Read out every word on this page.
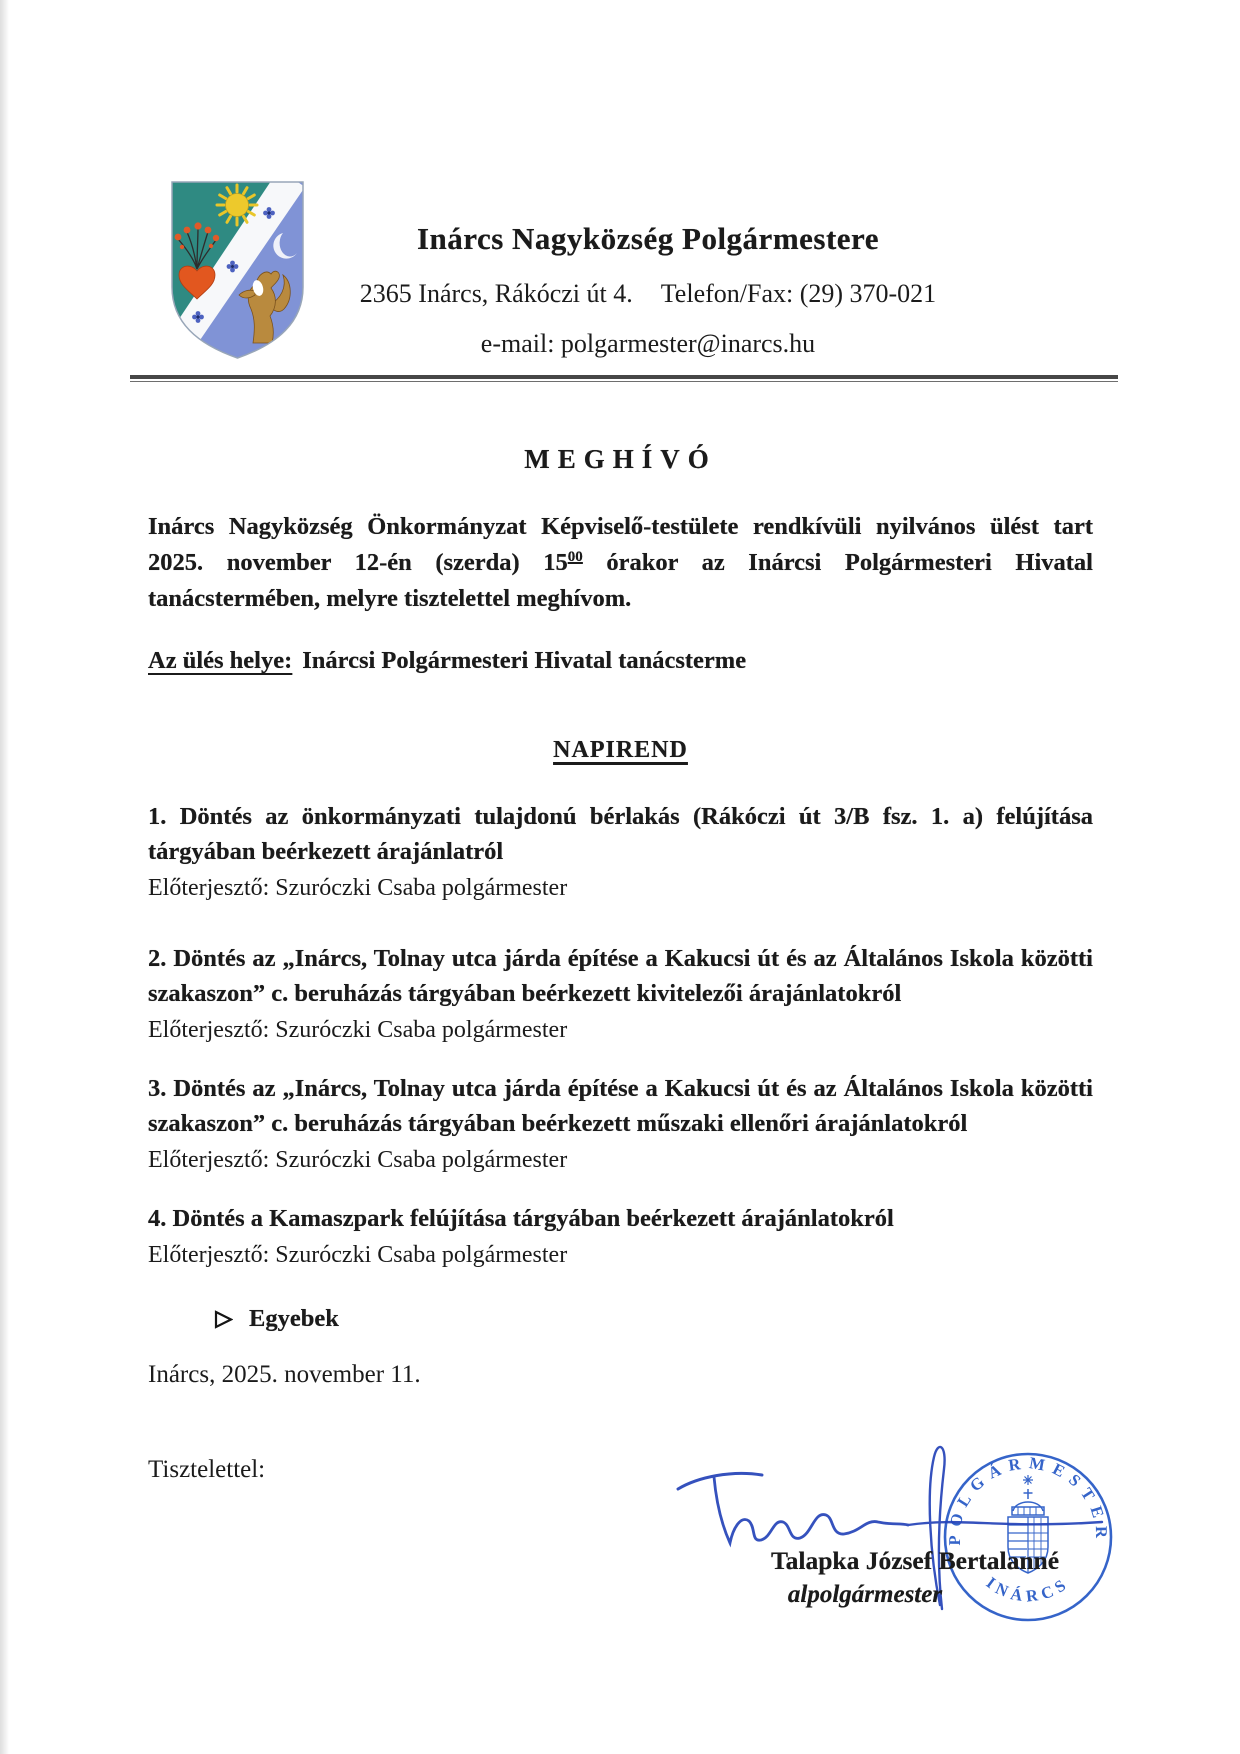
Inárcs Nagyközség Polgármestere
2365 Inárcs, Rákóczi út 4. Telefon/Fax: (29) 370-021
e-mail: polgarmester@inarcs.hu
MEGHÍVÓ

Inárcs Nagyközség Önkormányzat Képviselő-testülete rendkívüli nyilvános ülést tart 2025. november 12-én (szerda) $15^{00}$ órakor az Inárcsi Polgármesteri Hivatal tanácstermében, melyre tisztelettel meghívom.

Az ülés helye: Inárcsi Polgármesteri Hivatal tanácsterme
NAPIREND
1. Döntés az önkormányzati tulajdonú bérlakás (Rákóczi út 3/B fsz. 1. a) felújítása tárgyában beérkezett árajánlatról
Előterjesztő: Szuróczki Csaba polgármester
2. Döntés az „Inárcs, Tolnay utca járda építése a Kakucsi út és az Általános Iskola közötti szakaszon” c. beruházás tárgyában beérkezett kivitelezői árajánlatokról
Előterjesztő: Szuróczki Csaba polgármester
3. Döntés az „Inárcs, Tolnay utca járda építése a Kakucsi út és az Általános Iskola közötti szakaszon” c. beruházás tárgyában beérkezett műszaki ellenőri árajánlatokról
Előterjesztő: Szuróczki Csaba polgármester
4. Döntés a Kamaszpark felújítása tárgyában beérkezett árajánlatokról
Előterjesztő: Szuróczki Csaba polgármester
Egyebek
Inárcs, 2025. november 11.
Tisztelettel:
POLGÁRMESTER
INÁRCS
Talapka József Bertalanné
alpolgármester
